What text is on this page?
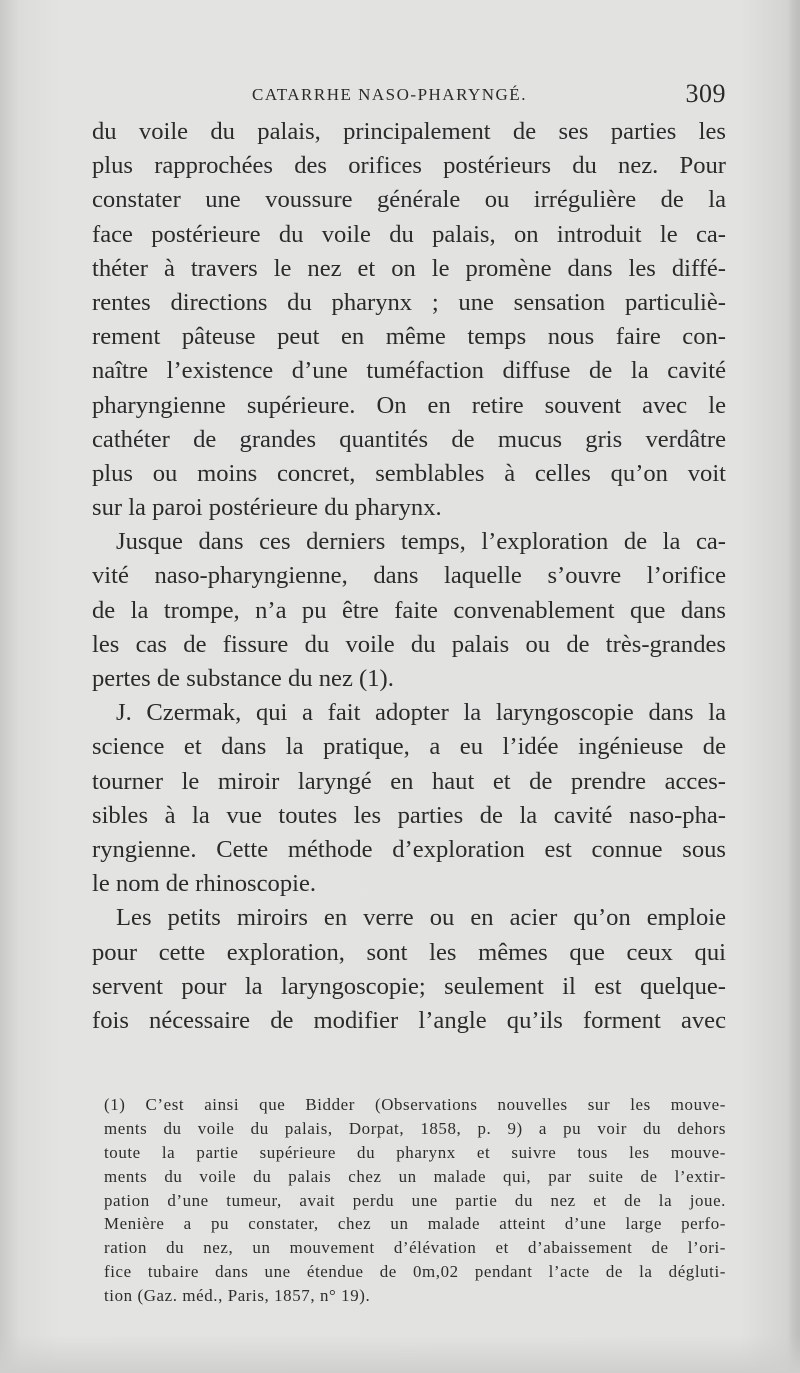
CATARRHE NASO-PHARYNGÉ.	309
du voile du palais, principalement de ses parties les
plus rapprochées des orifices postérieurs du nez. Pour
constater une voussure générale ou irrégulière de la
face postérieure du voile du palais, on introduit le ca-
théter à travers le nez et on le promène dans les diffé-
rentes directions du pharynx ; une sensation particuliè-
rement pâteuse peut en même temps nous faire con-
naître l’existence d’une tuméfaction diffuse de la cavité
pharyngienne supérieure. On en retire souvent avec le
cathéter de grandes quantités de mucus gris verdâtre
plus ou moins concret, semblables à celles qu’on voit
sur la paroi postérieure du pharynx.
Jusque dans ces derniers temps, l’exploration de la ca-
vité naso-pharyngienne, dans laquelle s’ouvre l’orifice
de la trompe, n’a pu être faite convenablement que dans
les cas de fissure du voile du palais ou de très-grandes
pertes de substance du nez (1).
J. Czermak, qui a fait adopter la laryngoscopie dans la
science et dans la pratique, a eu l’idée ingénieuse de
tourner le miroir laryngé en haut et de prendre acces-
sibles à la vue toutes les parties de la cavité naso-pha-
ryngienne. Cette méthode d’exploration est connue sous
le nom de rhinoscopie.
Les petits miroirs en verre ou en acier qu’on emploie
pour cette exploration, sont les mêmes que ceux qui
servent pour la laryngoscopie; seulement il est quelque-
fois nécessaire de modifier l’angle qu’ils forment avec
(1) C’est ainsi que Bidder (Observations nouvelles sur les mouve-
ments du voile du palais, Dorpat, 1858, p. 9) a pu voir du dehors
toute la partie supérieure du pharynx et suivre tous les mouve-
ments du voile du palais chez un malade qui, par suite de l’extir-
pation d’une tumeur, avait perdu une partie du nez et de la joue.
Menière a pu constater, chez un malade atteint d’une large perfo-
ration du nez, un mouvement d’élévation et d’abaissement de l’ori-
fice tubaire dans une étendue de 0m,02 pendant l’acte de la dégluti-
tion (Gaz. méd., Paris, 1857, n° 19).
